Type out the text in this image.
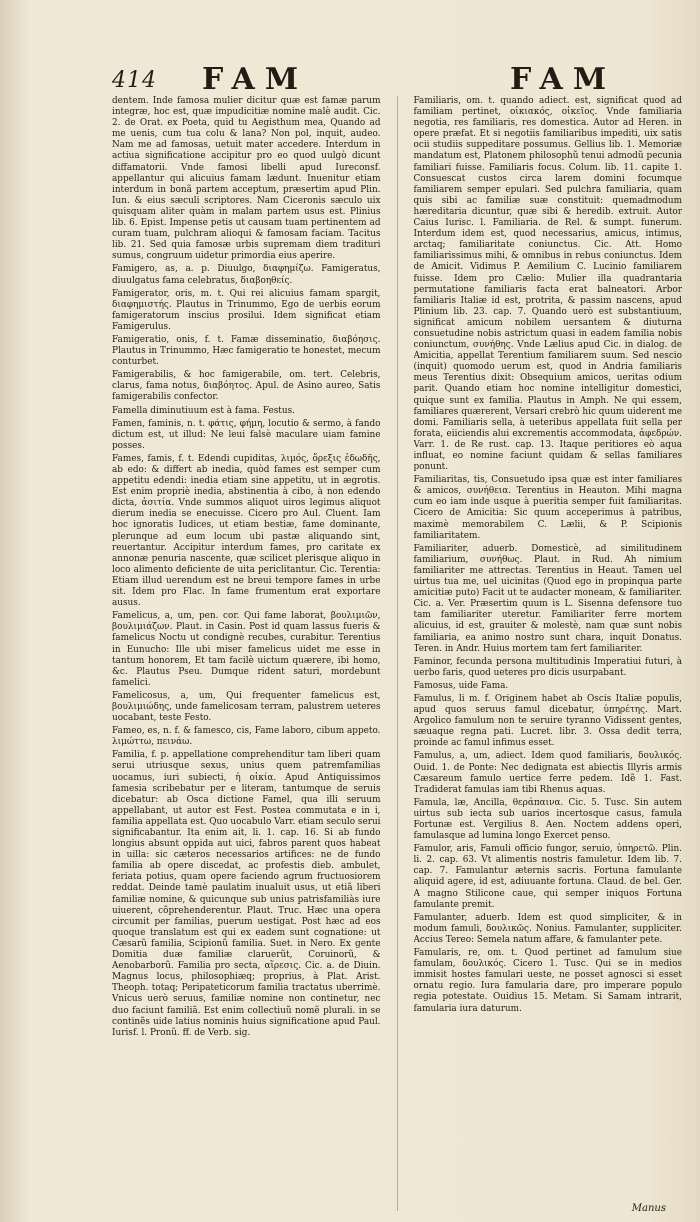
414 FAM	FAM

dentem. Inde famosa mulier dicitur quæ est famæ parum integræ, hoc est, quæ impudicitiæ nomine malè audit. Cic. 2. de Orat. ex Poeta, quid tu Aegisthum mea, Quando ad me uenis, cum tua colu & lana? Non pol, inquit, audeo. Nam me ad famosas, uetuit mater accedere. Interdum in actiua significatione accipitur pro eo quod uulgò dicunt diffamatorii. Vnde famosi libelli apud Iureconsf. appellantur qui alicuius famam lædunt. Inuenitur etiam interdum in bonã partem acceptum, præsertim apud Plin. Iun. & eius sæculi scriptores. Nam Ciceronis sæculo uix quisquam aliter quàm in malam partem usus est. Plinius lib. 6. Epist. Impense petis ut causam tuam pertinentem ad curam tuam, pulchram alioqui & famosam faciam. Tacitus lib. 21. Sed quia famosæ urbis supremam diem tradituri sumus, congruum uidetur primordia eius aperire.

Famigero, as, a. p. Diuulgo, διαφημίζω. Famigeratus, diuulgatus fama celebratus, διαβοηθείς.

Famigerator, oris, m. t. Qui rei alicuius famam spargit, διαφημιστής. Plautus in Trinummo, Ego de uerbis eorum famigeratorum inscius prosilui. Idem significat etiam Famigerulus.

Famigeratio, onis, f. t. Famæ disseminatio, διαβόησις. Plautus in Trinummo, Hæc famigeratio te honestet, mecum conturbet.

Famigerabilis, & hoc famigerabile, om. tert. Celebris, clarus, fama notus, διαβόητος. Apul. de Asino aureo, Satis famigerabilis confector.

Famella diminutiuum est à fama. Festus.

Famen, faminis, n. t. φάτις, φήμη, locutio & sermo, à fando dictum est, ut illud: Ne leui falsè maculare uiam famine posses.

Fames, famis, f. t. Edendi cupiditas, λιμός, ὄρεξις ἐδωδῆς, ab edo: & differt ab inedia, quòd fames est semper cum appetitu edendi: inedia etiam sine appetitu, ut in ægrotis. Est enim propriè inedia, abstinentia à cibo, à non edendo dicta, ἀσιτία. Vnde summos aliquot uiros legimus aliquot dierum inedia se enecuisse. Cicero pro Aul. Cluent. Iam hoc ignoratis Iudices, ut etiam bestiæ, fame dominante, plerunque ad eum locum ubi pastæ aliquando sint, reuertantur. Accipitur interdum fames, pro caritate ex annonæ penuria nascente, quæ scilicet plerisque aliquo in loco alimento deficiente de uita periclitantur. Cic. Terentia: Etiam illud uerendum est ne breui tempore fames in urbe sit. Idem pro Flac. In fame frumentum erat exportare ausus.

Famelicus, a, um, pen. cor. Qui fame laborat, βουλιμιῶν, βουλιμιάζων. Plaut. in Casin. Post id quam lassus fueris & famelicus Noctu ut condignè recubes, curabitur. Terentius in Eunucho: Ille ubi miser famelicus uidet me esse in tantum honorem, Et tam facilè uictum quærere, ibi homo, &c. Plautus Pseu. Dumque rident saturi, mordebunt famelici.

Famelicosus, a, um, Qui frequenter famelicus est, βουλιμιώδης, unde famelicosam terram, palustrem ueteres uocabant, teste Festo.

Fameo, es, n. f. & famesco, cis, Fame laboro, cibum appeto. λιμώττω, πεινάω.

Familia, f. p. appellatione comprehenditur tam liberi quam serui utriusque sexus, unius quem patremfamilias uocamus, iuri subiecti, ἡ οἰκία. Apud Antiquissimos famesia scribebatur per e literam, tantumque de seruis dicebatur: ab Osca dictione Famel, qua illi seruum appellabant, ut autor est Fest. Postea commutata e in i, familia appellata est. Quo uocabulo Varr. etiam seculo serui significabantur. Ita enim ait, li. 1. cap. 16. Si ab fundo longius absunt oppida aut uici, fabros parent quos habeat in uilla: sic cæteros necessarios artifices: ne de fundo familia ab opere discedat, ac profestis dieb. ambulet, feriata potius, quam opere faciendo agrum fructuosiorem reddat. Deinde tamè paulatim inualuit usus, ut etiã liberi familiæ nomine, & quicunque sub unius patrisfamiliàs iure uiuerent, cõprehenderentur. Plaut. Truc. Hæc una opera circumit per familias, puerum uestigat. Post hæc ad eos quoque translatum est qui ex eadem sunt cognatione: ut Cæsarũ familia, Scipionũ familia. Suet. in Nero. Ex gente Domitia duæ familiæ claruerũt, Coruinorũ, & Aenobarborũ. Familia pro secta, αἵρεσις. Cic. a. de Diuin. Magnus locus, philosophiæq; proprius, à Plat. Arist. Theoph. totaq; Peripateticorum familia tractatus uberrimè. Vnicus uerò seruus, familiæ nomine non continetur, nec duo faciunt familiã. Est enim collectiuũ nomẽ plurali. in se continẽs uide latius nominis huius significatione apud Paul. Iurisf. l. Pronũ. ff. de Verb. sig.

Familiaris, om. t. quando adiect. est, significat quod ad familiam pertinet, οἰκιακός, οἰκεῖος. Vnde familiaria negotia, res familiaris, res domestica. Autor ad Heren. in opere præfat. Et si negotiis familiaribus impediti, uix satis ocii studiis suppeditare possumus. Gellius lib. 1. Memoriæ mandatum est, Platonem philosophũ tenui admodũ pecunia familiari fuisse. Familiaris focus. Colum. lib. 11. capite 1. Consuescat custos circa larem domini focumque familiarem semper epulari. Sed pulchra familiaria, quam quis sibi ac familiæ suæ constituit: quemadmodum hæreditaria dicuntur, quæ sibi & heredib. extruit. Autor Caius Iurisc. l. Familiaria. de Rel. & sumpt. funerum. Interdum idem est, quod necessarius, amicus, intimus, arctaq; familiaritate coniunctus. Cic. Att. Homo familiarissimus mihi, & omnibus in rebus coniunctus. Idem de Amicit. Vidimus P. Aemilium C. Lucinio familiarem fuisse. Idem pro Cælio: Mulier illa quadrantaria permutatione familiaris facta erat balneatori. Arbor familiaris Italiæ id est, protrita, & passim nascens, apud Plinium lib. 23. cap. 7. Quando uerò est substantiuum, significat amicum nobilem uersantem & diuturna consuetudine nobis astrictum quasi in eadem familia nobis coniunctum, συνήθης. Vnde Lælius apud Cic. in dialog. de Amicitia, appellat Terentium familiarem suum. Sed nescio (inquit) quomodo uerum est, quod in Andria familiaris meus Terentius dixit: Obsequium amicos, ueritas odium parit. Quando etiam hoc nomine intelligitur domestici, quique sunt ex familia. Plautus in Amph. Ne qui essem, familiares quærerent, Versari crebrò hic quum uiderent me domi. Familiaris sella, à ueteribus appellata fuit sella per forata, eiiciendis alui excrementis accommodata, ἀφεδρών. Varr. 1. de Re rust. cap. 13. Itaque peritiores eò aqua influat, eo nomine faciunt quidam & sellas familiares ponunt.

Familiaritas, tis, Consuetudo ipsa quæ est inter familiares & amicos, συνήθεια. Terentius in Heauton. Mihi magna cum eo iam inde usque à pueritia semper fuit familiaritas. Cicero de Amicitia: Sic quum acceperimus à patribus, maximè memorabilem C. Lælii, & P. Scipionis familiaritatem.

Familiariter, aduerb. Domesticè, ad similitudinem familiarium, συνήθως. Plaut. in Rud. Ah nimium familiariter me attrectas. Terentius in Heaut. Tamen uel uirtus tua me, uel uicinitas (Quod ego in propinqua parte amicitiæ puto) Facit ut te audacter moneam, & familiariter. Cic. a. Ver. Præsertim quum is L. Sisenna defensore tuo tam familiariter uteretur. Familiariter ferre mortem alicuius, id est, grauiter & molestè, nam quæ sunt nobis familiaria, ea animo nostro sunt chara, inquit Donatus. Teren. in Andr. Huius mortem tam fert familiariter.

Faminor, fecunda persona multitudinis Imperatiui futuri, à uerbo faris, quod ueteres pro dicis usurpabant.

Famosus, uide Fama.

Famulus, li m. f. Originem habet ab Oscis Italiæ populis, apud quos seruus famul dicebatur, ὑπηρέτης. Mart. Argolico famulum non te seruire tyranno Vidissent gentes, sæuaque regna pati. Lucret. libr. 3. Ossa dedit terra, proinde ac famul infimus esset.

Famulus, a, um, adiect. Idem quod familiaris, δουλικός. Ouid. 1. de Ponte: Nec dedignata est abiectis Illyris armis Cæsareum famulo uertice ferre pedem. Idẽ 1. Fast. Tradiderat famulas iam tibi Rhenus aquas.

Famula, læ, Ancilla, θεράπαινα. Cic. 5. Tusc. Sin autem uirtus sub iecta sub uarios incertosque casus, famula Fortunæ est. Vergilius 8. Aen. Noctem addens operi, famulasque ad lumina longo Exercet penso.

Famulor, aris, Famuli officio fungor, seruio, ὑπηρετῶ. Plin. li. 2. cap. 63. Vt alimentis nostris famuletur. Idem lib. 7. cap. 7. Famulantur æternis sacris. Fortuna famulante aliquid agere, id est, adiuuante fortuna. Claud. de bel. Ger. A magno Stilicone caue, qui semper iniquos Fortuna famulante premit.

Famulanter, aduerb. Idem est quod simpliciter, & in modum famuli, δουλικῶς. Nonius. Famulanter, suppliciter. Accius Tereo: Semela natum affare, & famulanter pete.

Famularis, re, om. t. Quod pertinet ad famulum siue famulam, δουλικός. Cicero 1. Tusc. Qui se in medios immisit hostes famulari ueste, ne posset agnosci si esset ornatu regio. Iura famularia dare, pro imperare populo regia potestate. Ouidius 15. Metam. Si Samam intrarit, famularia iura daturum.

Manus
